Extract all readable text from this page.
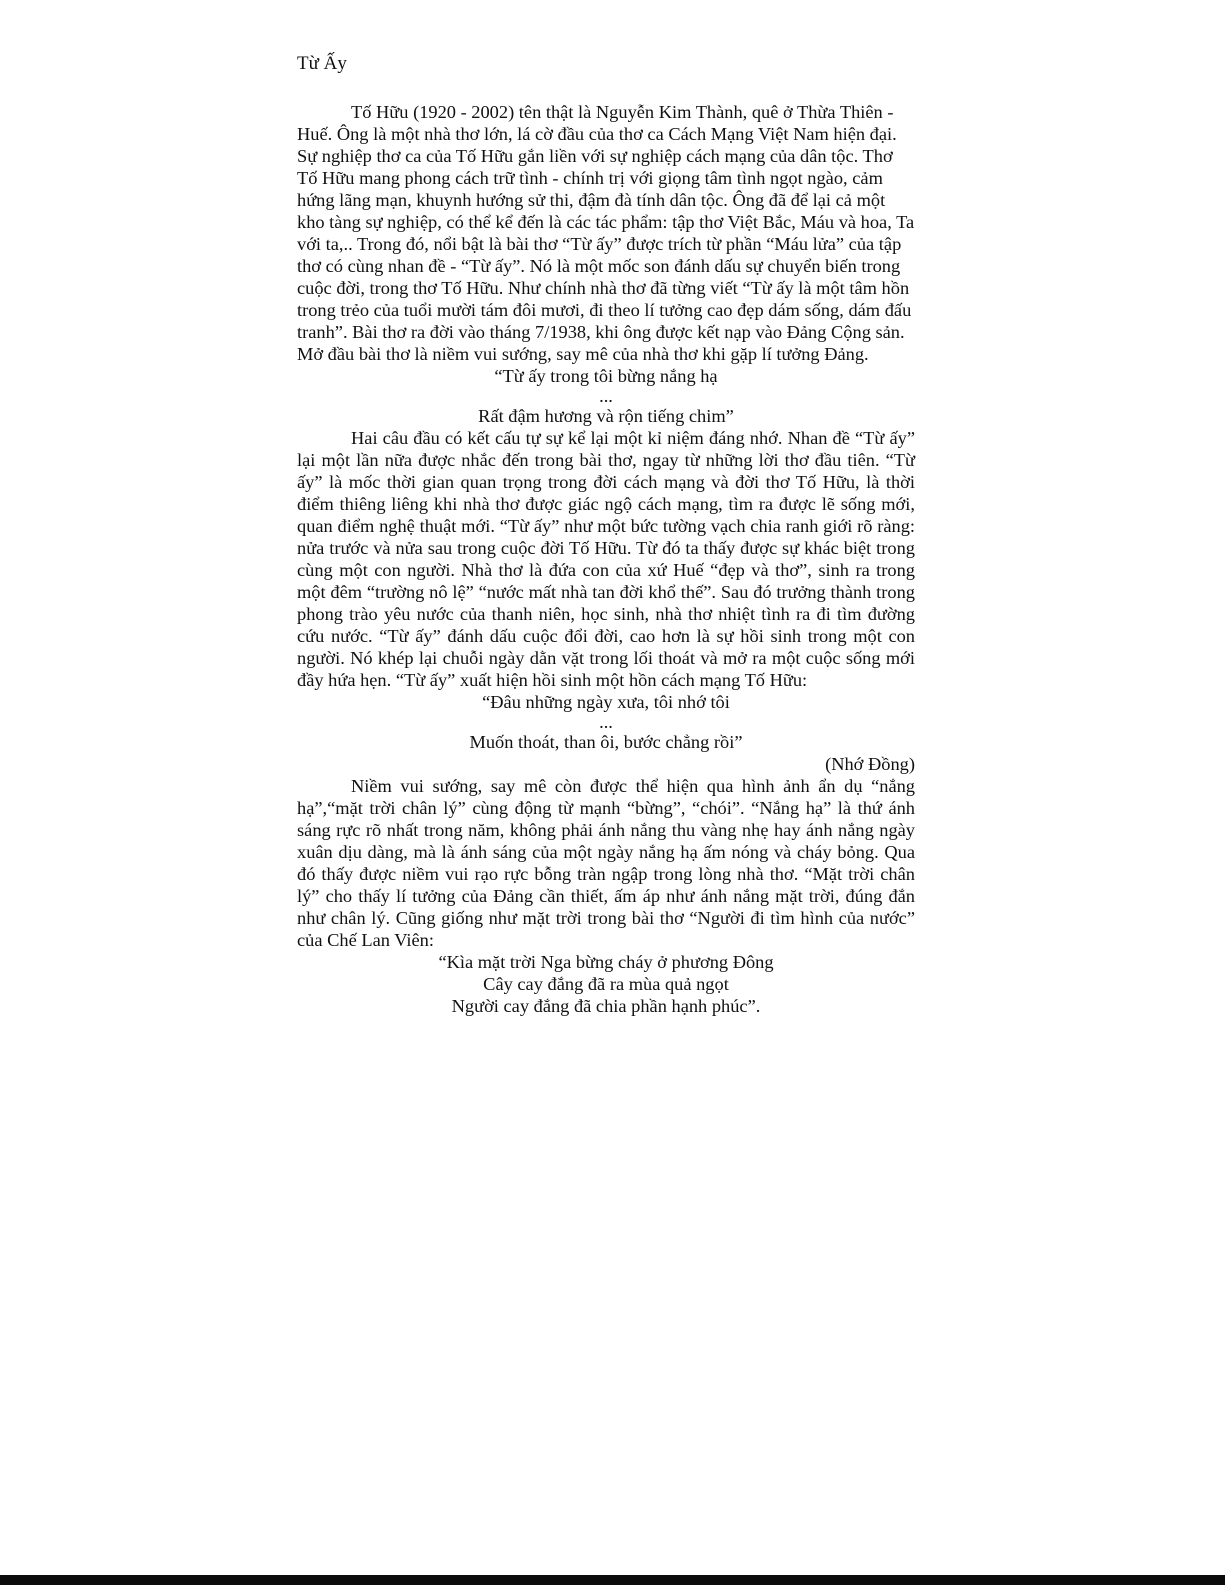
Từ Ấy

Tố Hữu (1920 - 2002) tên thật là Nguyễn Kim Thành, quê ở Thừa Thiên - Huế. Ông là một nhà thơ lớn, lá cờ đầu của thơ ca Cách Mạng Việt Nam hiện đại. Sự nghiệp thơ ca của Tố Hữu gắn liền với sự nghiệp cách mạng của dân tộc. Thơ Tố Hữu mang phong cách trữ tình - chính trị với giọng tâm tình ngọt ngào, cảm hứng lãng mạn, khuynh hướng sử thi, đậm đà tính dân tộc. Ông đã để lại cả một kho tàng sự nghiệp, có thể kể đến là các tác phẩm: tập thơ Việt Bắc, Máu và hoa, Ta với ta,.. Trong đó, nổi bật là bài thơ “Từ ấy” được trích từ phần “Máu lửa” của tập thơ có cùng nhan đề - “Từ ấy”. Nó là một mốc son đánh dấu sự chuyển biến trong cuộc đời, trong thơ Tố Hữu. Như chính nhà thơ đã từng viết “Từ ấy là một tâm hồn trong trẻo của tuổi mười tám đôi mươi, đi theo lí tưởng cao đẹp dám sống, dám đấu tranh”. Bài thơ ra đời vào tháng 7/1938, khi ông được kết nạp vào Đảng Cộng sản. Mở đầu bài thơ là niềm vui sướng, say mê của nhà thơ khi gặp lí tưởng Đảng.

“Từ ấy trong tôi bừng nắng hạ

...

Rất đậm hương và rộn tiếng chim”

Hai câu đầu có kết cấu tự sự kể lại một kỉ niệm đáng nhớ. Nhan đề “Từ ấy” lại một lần nữa được nhắc đến trong bài thơ, ngay từ những lời thơ đầu tiên. “Từ ấy” là mốc thời gian quan trọng trong đời cách mạng và đời thơ Tố Hữu, là thời điểm thiêng liêng khi nhà thơ được giác ngộ cách mạng, tìm ra được lẽ sống mới, quan điểm nghệ thuật mới. “Từ ấy” như một bức tường vạch chia ranh giới rõ ràng: nửa trước và nửa sau trong cuộc đời Tố Hữu. Từ đó ta thấy được sự khác biệt trong cùng một con người. Nhà thơ là đứa con của xứ Huế “đẹp và thơ”, sinh ra trong một đêm “trường nô lệ” “nước mất nhà tan đời khổ thế”. Sau đó trưởng thành trong phong trào yêu nước của thanh niên, học sinh, nhà thơ nhiệt tình ra đi tìm đường cứu nước. “Từ ấy” đánh dấu cuộc đổi đời, cao hơn là sự hồi sinh trong một con người. Nó khép lại chuỗi ngày dằn vặt trong lối thoát và mở ra một cuộc sống mới đầy hứa hẹn. “Từ ấy” xuất hiện hồi sinh một hồn cách mạng Tố Hữu:

“Đâu những ngày xưa, tôi nhớ tôi

...

Muốn thoát, than ôi, bước chẳng rồi”

(Nhớ Đồng)

Niềm vui sướng, say mê còn được thể hiện qua hình ảnh ẩn dụ “nắng hạ”,“mặt trời chân lý” cùng động từ mạnh “bừng”, “chói”. “Nắng hạ” là thứ ánh sáng rực rõ nhất trong năm, không phải ánh nắng thu vàng nhẹ hay ánh nắng ngày xuân dịu dàng, mà là ánh sáng của một ngày nắng hạ ấm nóng và cháy bỏng. Qua đó thấy được niềm vui rạo rực bỗng tràn ngập trong lòng nhà thơ. “Mặt trời chân lý” cho thấy lí tưởng của Đảng cần thiết, ấm áp như ánh nắng mặt trời, đúng đắn như chân lý. Cũng giống như mặt trời trong bài thơ “Người đi tìm hình của nước” của Chế Lan Viên:

“Kìa mặt trời Nga bừng cháy ở phương Đông

Cây cay đắng đã ra mùa quả ngọt

Người cay đắng đã chia phần hạnh phúc”.
